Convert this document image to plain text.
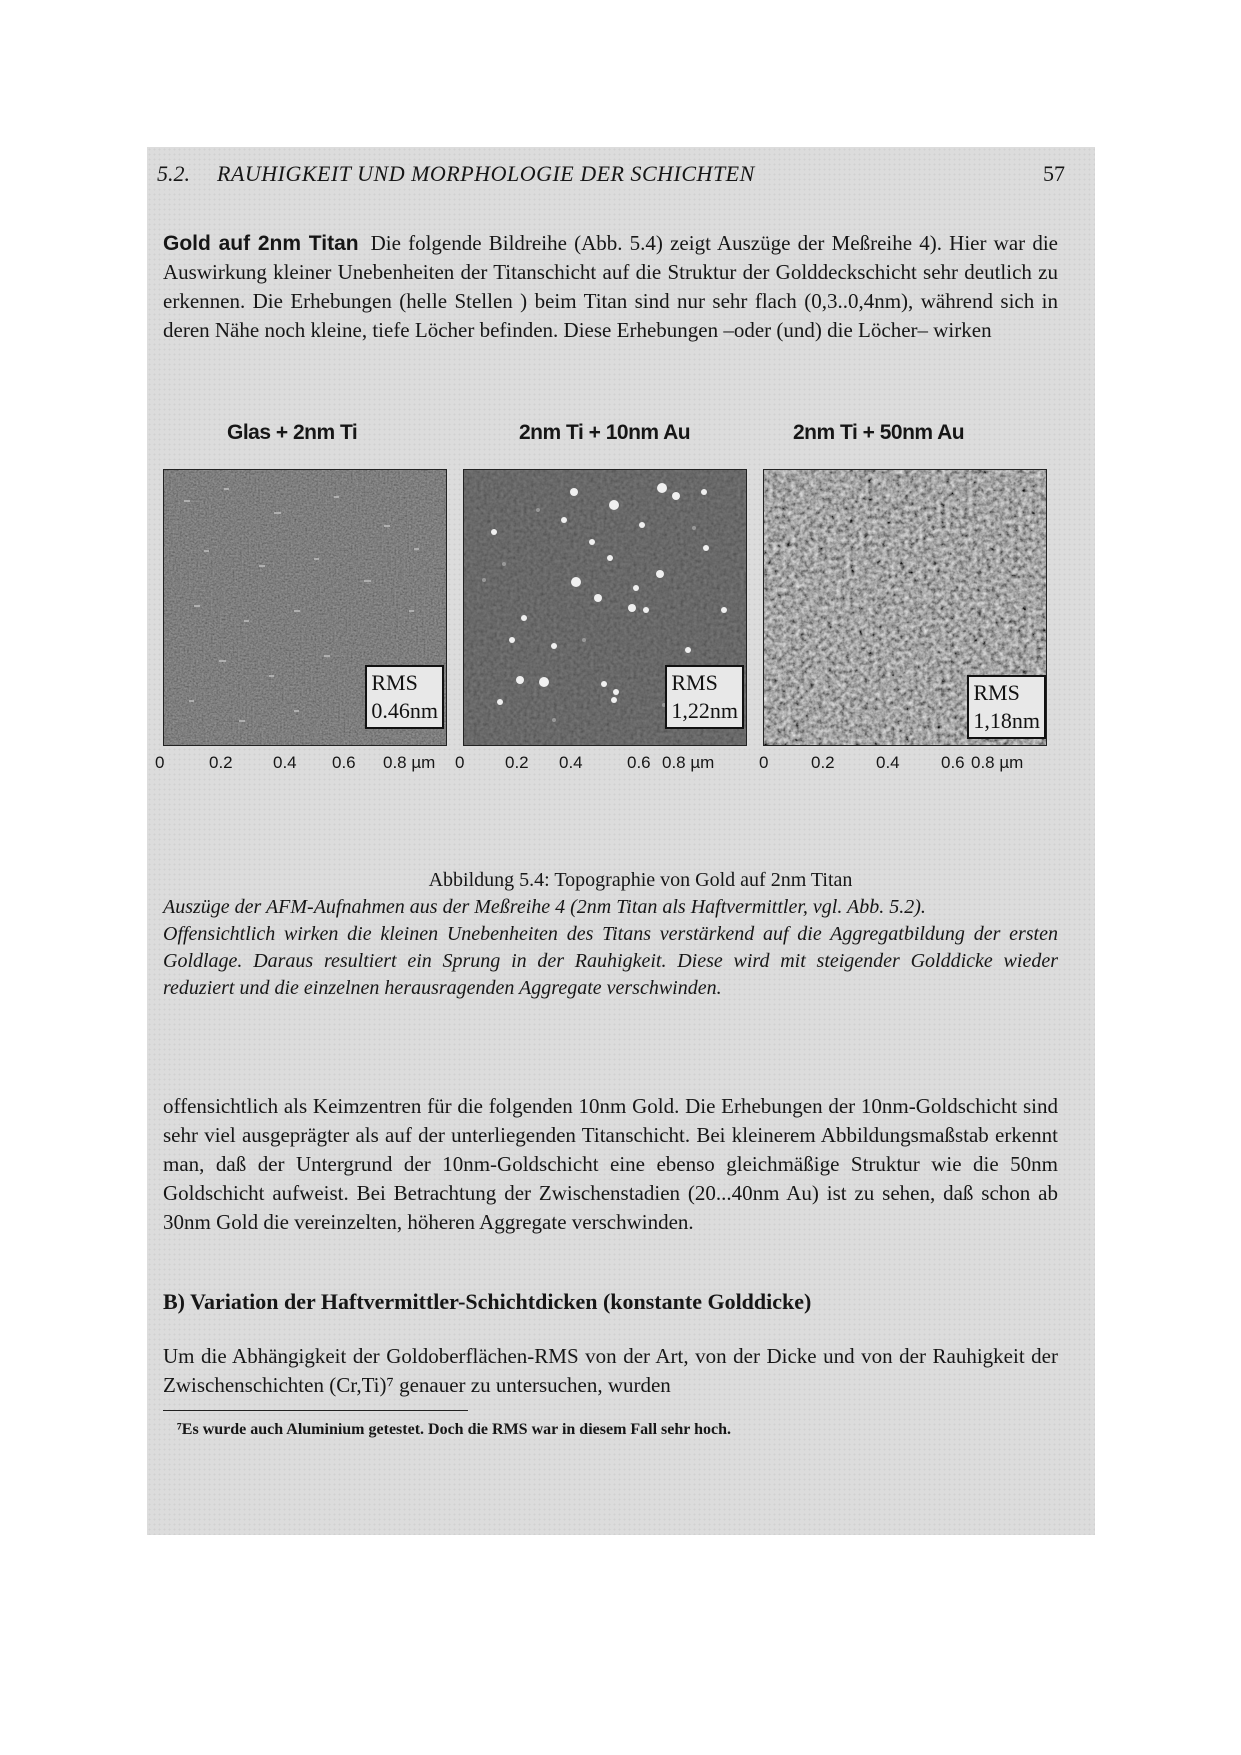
5.2. RAUHIGKEIT UND MORPHOLOGIE DER SCHICHTEN	57
Gold auf 2nm Titan Die folgende Bildreihe (Abb. 5.4) zeigt Auszüge der Meßreihe 4). Hier war die Auswirkung kleiner Unebenheiten der Titanschicht auf die Struktur der Golddeckschicht sehr deutlich zu erkennen. Die Erhebungen (helle Stellen ) beim Titan sind nur sehr flach (0,3..0,4nm), während sich in deren Nähe noch kleine, tiefe Löcher befinden. Diese Erhebungen –oder (und) die Löcher– wirken
Glas + 2nm Ti
RMS
0.46nm
0	0.2 0.4 0.6 0.8 µm
2nm Ti + 10nm Au
RMS
1,22nm
0 0.2 0.4	0.6 0.8 µm
2nm Ti + 50nm Au
RMS
1,18nm
0	0.2 0.4 0.6 0.8 µm
Abbildung 5.4: Topographie von Gold auf 2nm Titan
Auszüge der AFM-Aufnahmen aus der Meßreihe 4 (2nm Titan als Haftvermittler, vgl. Abb. 5.2).
Offensichtlich wirken die kleinen Unebenheiten des Titans verstärkend auf die Aggregatbildung der ersten Goldlage. Daraus resultiert ein Sprung in der Rauhigkeit. Diese wird mit steigender Golddicke wieder reduziert und die einzelnen herausragenden Aggregate verschwinden.
offensichtlich als Keimzentren für die folgenden 10nm Gold. Die Erhebungen der 10nm-Goldschicht sind sehr viel ausgeprägter als auf der unterliegenden Titanschicht. Bei kleinerem Abbildungsmaßstab erkennt man, daß der Untergrund der 10nm-Goldschicht eine ebenso gleichmäßige Struktur wie die 50nm Goldschicht aufweist. Bei Betrachtung der Zwischenstadien (20...40nm Au) ist zu sehen, daß schon ab 30nm Gold die vereinzelten, höheren Aggregate verschwinden.
B) Variation der Haftvermittler-Schichtdicken (konstante Golddicke)
Um die Abhängigkeit der Goldoberflächen-RMS von der Art, von der Dicke und von der Rauhigkeit der Zwischenschichten (Cr,Ti)⁷ genauer zu untersuchen, wurden
⁷Es wurde auch Aluminium getestet. Doch die RMS war in diesem Fall sehr hoch.
